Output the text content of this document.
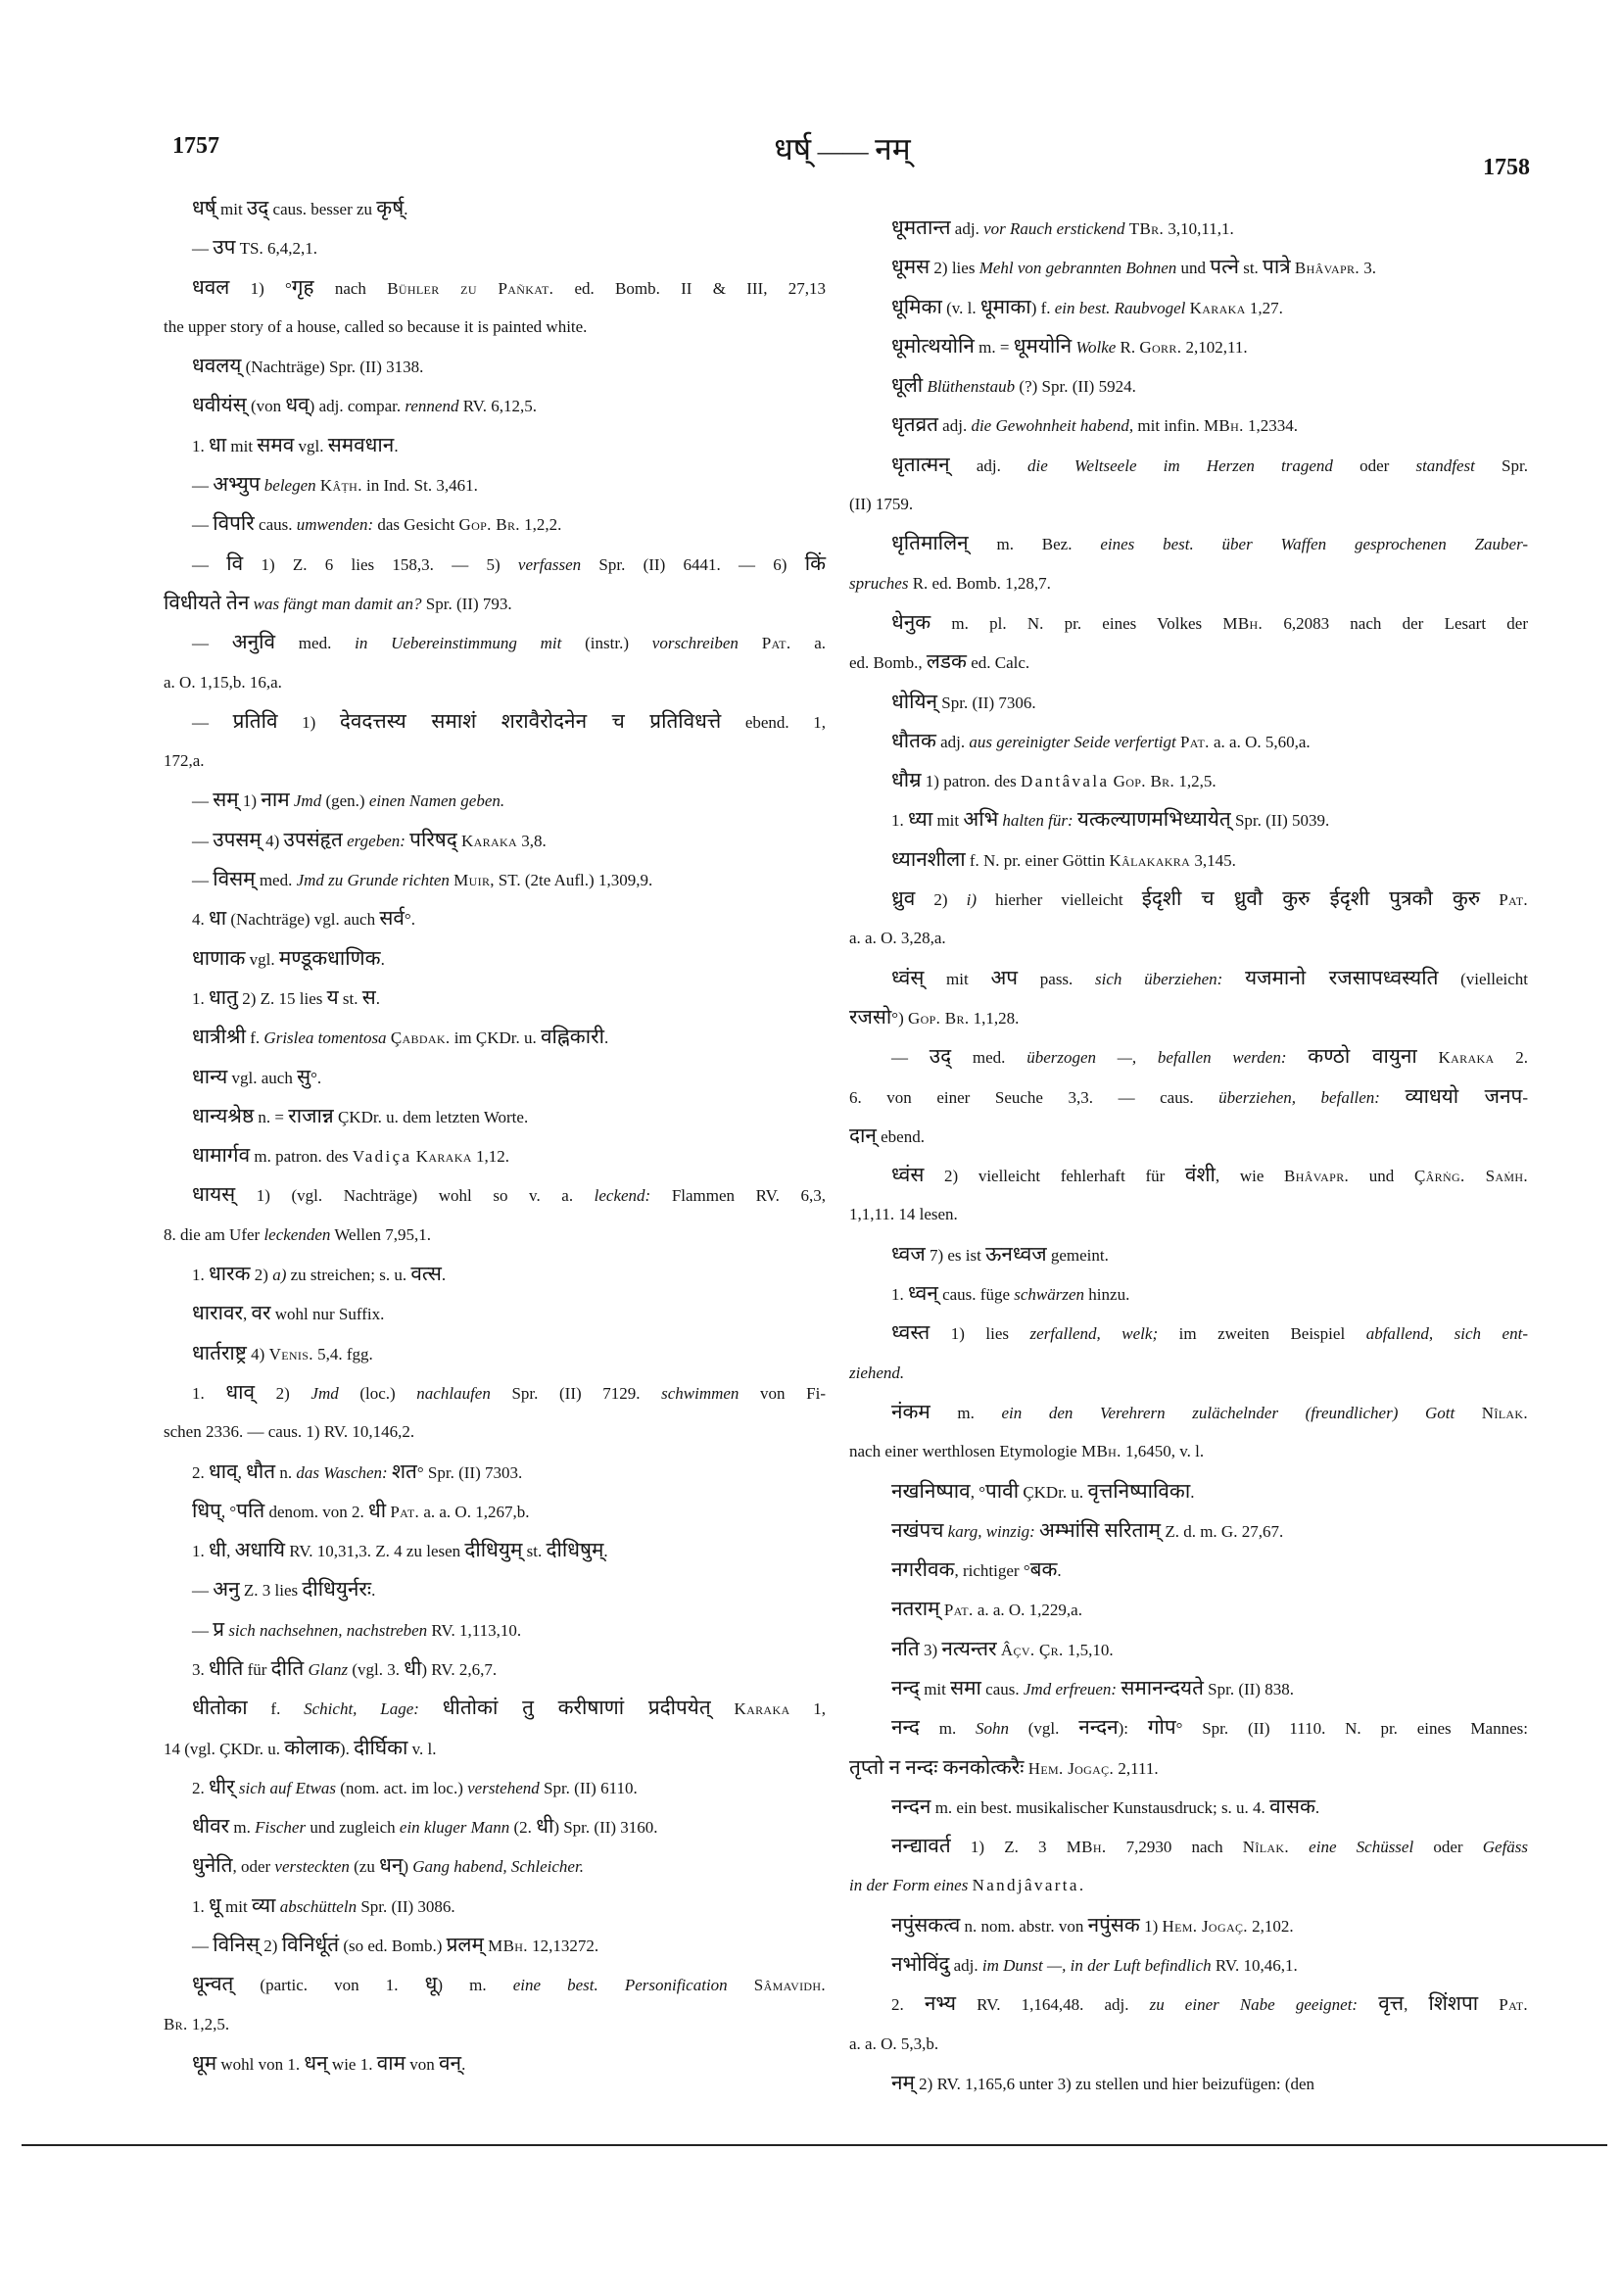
1757	धर्ष् —— नम्
1758
धर्ष् mit उद् caus. besser zu कृर्ष्.
— उप TS. 6,4,2,1.
धवल 1) °गृह nach Bühler zu Pañkat. ed. Bomb. II & III, 27,13
the upper story of a house, called so because it is painted white.
धवलय् (Nachträge) Spr. (II) 3138.
धवीयंस् (von धव्) adj. compar. rennend RV. 6,12,5.
1. धा mit समव vgl. समवधान.
— अभ्युप belegen Kâṭh. in Ind. St. 3,461.
— विपरि caus. umwenden: das Gesicht Gop. Br. 1,2,2.
— वि 1) Z. 6 lies 158,3. — 5) verfassen Spr. (II) 6441. — 6) किं
विधीयते तेन was fängt man damit an? Spr. (II) 793.
— अनुवि med. in Uebereinstimmung mit (instr.) vorschreiben Pat. a.
a. O. 1,15,b. 16,a.
— प्रतिवि 1) देवदत्तस्य समाशं शरावैरोदनेन च प्रतिविधत्ते ebend. 1,
172,a.
— सम् 1) नाम Jmd (gen.) einen Namen geben.
— उपसम् 4) उपसंहृत ergeben: परिषद् Karaka 3,8.
— विसम् med. Jmd zu Grunde richten Muir, ST. (2te Aufl.) 1,309,9.
4. धा (Nachträge) vgl. auch सर्व°.
धाणाक vgl. मण्डूकधाणिक.
1. धातु 2) Z. 15 lies य st. स.
धात्रीश्री f. Grislea tomentosa Çabdak. im ÇKDr. u. वह्निकारी.
धान्य vgl. auch सु°.
धान्यश्रेष्ठ n. = राजान्न ÇKDr. u. dem letzten Worte.
धामार्गव m. patron. des Vadiça Karaka 1,12.
धायस् 1) (vgl. Nachträge) wohl so v. a. leckend: Flammen RV. 6,3,
8. die am Ufer leckenden Wellen 7,95,1.
1. धारक 2) a) zu streichen; s. u. वत्स.
धारावर, वर wohl nur Suffix.
धार्तराष्ट्र 4) Venis. 5,4. fgg.
1. धाव् 2) Jmd (loc.) nachlaufen Spr. (II) 7129. schwimmen von Fi-
schen 2336. — caus. 1) RV. 10,146,2.
2. धाव्, धौत n. das Waschen: शत° Spr. (II) 7303.
धिप्, °पति denom. von 2. धी Pat. a. a. O. 1,267,b.
1. धी, अधायि RV. 10,31,3. Z. 4 zu lesen दीधियुम् st. दीधिषुम्.
— अनु Z. 3 lies दीधियुर्नरः.
— प्र sich nachsehnen, nachstreben RV. 1,113,10.
3. धीति für दीति Glanz (vgl. 3. धी) RV. 2,6,7.
धीतोका f. Schicht, Lage: धीतोकां तु करीषाणां प्रदीपयेत् Karaka 1,
14 (vgl. ÇKDr. u. कोलाक). दीर्घिका v. l.
2. धीर् sich auf Etwas (nom. act. im loc.) verstehend Spr. (II) 6110.
धीवर m. Fischer und zugleich ein kluger Mann (2. धी) Spr. (II) 3160.
धुनेति, oder versteckten (zu धन्) Gang habend, Schleicher.
1. धू mit व्या abschütteln Spr. (II) 3086.
— विनिस् 2) विनिर्धूतं (so ed. Bomb.) प्रलम् MBh. 12,13272.
धून्वत् (partic. von 1. धू) m. eine best. Personification Sâmavidh.
Br. 1,2,5.
धूम wohl von 1. धन् wie 1. वाम von वन्.
धूमतान्त adj. vor Rauch erstickend TBr. 3,10,11,1.
धूमस 2) lies Mehl von gebrannten Bohnen und पत्ने st. पात्रे Bhâvapr. 3.
धूमिका (v. l. धूमाका) f. ein best. Raubvogel Karaka 1,27.
धूमोत्थयोनि m. = धूमयोनि Wolke R. Gorr. 2,102,11.
धूली Blüthenstaub (?) Spr. (II) 5924.
धृतव्रत adj. die Gewohnheit habend, mit infin. MBh. 1,2334.
धृतात्मन् adj. die Weltseele im Herzen tragend oder standfest Spr.
(II) 1759.
धृतिमालिन् m. Bez. eines best. über Waffen gesprochenen Zauber-
spruches R. ed. Bomb. 1,28,7.
धेनुक m. pl. N. pr. eines Volkes MBh. 6,2083 nach der Lesart der
ed. Bomb., लडक ed. Calc.
धोयिन् Spr. (II) 7306.
धौतक adj. aus gereinigter Seide verfertigt Pat. a. a. O. 5,60,a.
धौम्र 1) patron. des Dantâvala Gop. Br. 1,2,5.
1. ध्या mit अभि halten für: यत्कल्याणमभिध्यायेत् Spr. (II) 5039.
ध्यानशीला f. N. pr. einer Göttin Kâlakakra 3,145.
ध्रुव 2) i) hierher vielleicht ईदृशी च ध्रुवौ कुरु ईदृशी पुत्रकौ कुरु Pat.
a. a. O. 3,28,a.
ध्वंस् mit अप pass. sich überziehen: यजमानो रजसापध्वस्यति (vielleicht
रजसो°) Gop. Br. 1,1,28.
— उद् med. überzogen —, befallen werden: कण्ठो वायुना Karaka 2.
6. von einer Seuche 3,3. — caus. überziehen, befallen: व्याधयो जनप-
दान् ebend.
ध्वंस 2) vielleicht fehlerhaft für वंशी, wie Bhâvapr. und Çârṅg. Saṁh.
1,1,11. 14 lesen.
ध्वज 7) es ist ऊनध्वज gemeint.
1. ध्वन् caus. füge schwärzen hinzu.
ध्वस्त 1) lies zerfallend, welk; im zweiten Beispiel abfallend, sich ent-
ziehend.
नंकम m. ein den Verehrern zulächelnder (freundlicher) Gott Nîlak.
nach einer werthlosen Etymologie MBh. 1,6450, v. l.
नखनिष्पाव, °पावी ÇKDr. u. वृत्तनिष्पाविका.
नखंपच karg, winzig: अम्भांसि सरिताम् Z. d. m. G. 27,67.
नगरीवक, richtiger °बक.
नतराम् Pat. a. a. O. 1,229,a.
नति 3) नत्यन्तर Âçv. Çr. 1,5,10.
नन्द् mit समा caus. Jmd erfreuen: समानन्दयते Spr. (II) 838.
नन्द m. Sohn (vgl. नन्दन): गोप° Spr. (II) 1110. N. pr. eines Mannes:
तृप्तो न नन्दः कनकोत्करैः Hem. Jogaç. 2,111.
नन्दन m. ein best. musikalischer Kunstausdruck; s. u. 4. वासक.
नन्द्यावर्त 1) Z. 3 MBh. 7,2930 nach Nîlak. eine Schüssel oder Gefäss
in der Form eines Nandjâvarta.
नपुंसकत्व n. nom. abstr. von नपुंसक 1) Hem. Jogaç. 2,102.
नभोविंदु adj. im Dunst —, in der Luft befindlich RV. 10,46,1.
2. नभ्य RV. 1,164,48. adj. zu einer Nabe geeignet: वृत्त, शिंशपा Pat.
a. a. O. 5,3,b.
नम् 2) RV. 1,165,6 unter 3) zu stellen und hier beizufügen: (den
